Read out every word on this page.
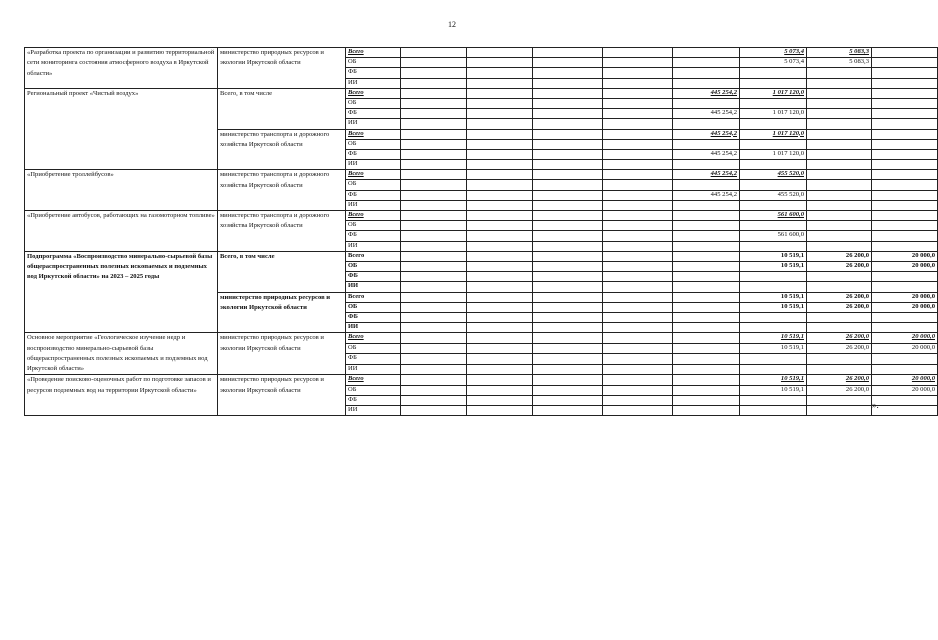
12
«Разработка проекта по организации и развитию территориальной сети мониторинга состояния атмосферного воздуха в Иркутской области»	министерство природных ресурсов и экологии Иркутской области	Всего						5 073,4	5 083,3	
		ОБ						5 073,4	5 083,3	
		ФБ								
		ИИ								
Региональный проект «Чистый воздух»	Всего, в том числе	Всего					445 254,2	1 017 120,0		
		ОБ								
		ФБ					445 254,2	1 017 120,0		
		ИИ								
	министерство транспорта и дорожного хозяйства Иркутской области	Всего					445 254,2	1 017 120,0		
		ОБ								
		ФБ					445 254,2	1 017 120,0		
		ИИ								
«Приобретение троллейбусов»	министерство транспорта и дорожного хозяйства Иркутской области	Всего					445 254,2	455 520,0		
		ОБ								
		ФБ					445 254,2	455 520,0		
		ИИ								
«Приобретение автобусов, работающих на газомоторном топливе»	министерство транспорта и дорожного хозяйства Иркутской области	Всего						561 600,0		
		ОБ								
		ФБ						561 600,0		
		ИИ								
Подпрограмма «Воспроизводство минерально-сырьевой базы общераспространенных полезных ископаемых и подземных вод Иркутской области» на 2023 – 2025 годы	Всего, в том числе	Всего						10 519,1	26 200,0	20 000,0
		ОБ						10 519,1	26 200,0	20 000,0
		ФБ								
		ИИ								
	министерство природных ресурсов и экологии Иркутской области	Всего						10 519,1	26 200,0	20 000,0
		ОБ						10 519,1	26 200,0	20 000,0
		ФБ								
		ИИ								
Основное мероприятие «Геологическое изучение недр и воспроизводство минерально-сырьевой базы общераспространенных полезных ископаемых и подземных вод Иркутской области»	министерство природных ресурсов и экологии Иркутской области	Всего						10 519,1	26 200,0	20 000,0
		ОБ						10 519,1	26 200,0	20 000,0
		ФБ								
		ИИ								
«Проведение поисково-оценочных работ по подготовке запасов и ресурсов подземных вод на территории Иркутской области»	министерство природных ресурсов и экологии Иркутской области	Всего						10 519,1	26 200,0	20 000,0
		ОБ						10 519,1	26 200,0	20 000,0
		ФБ								
		ИИ									».
